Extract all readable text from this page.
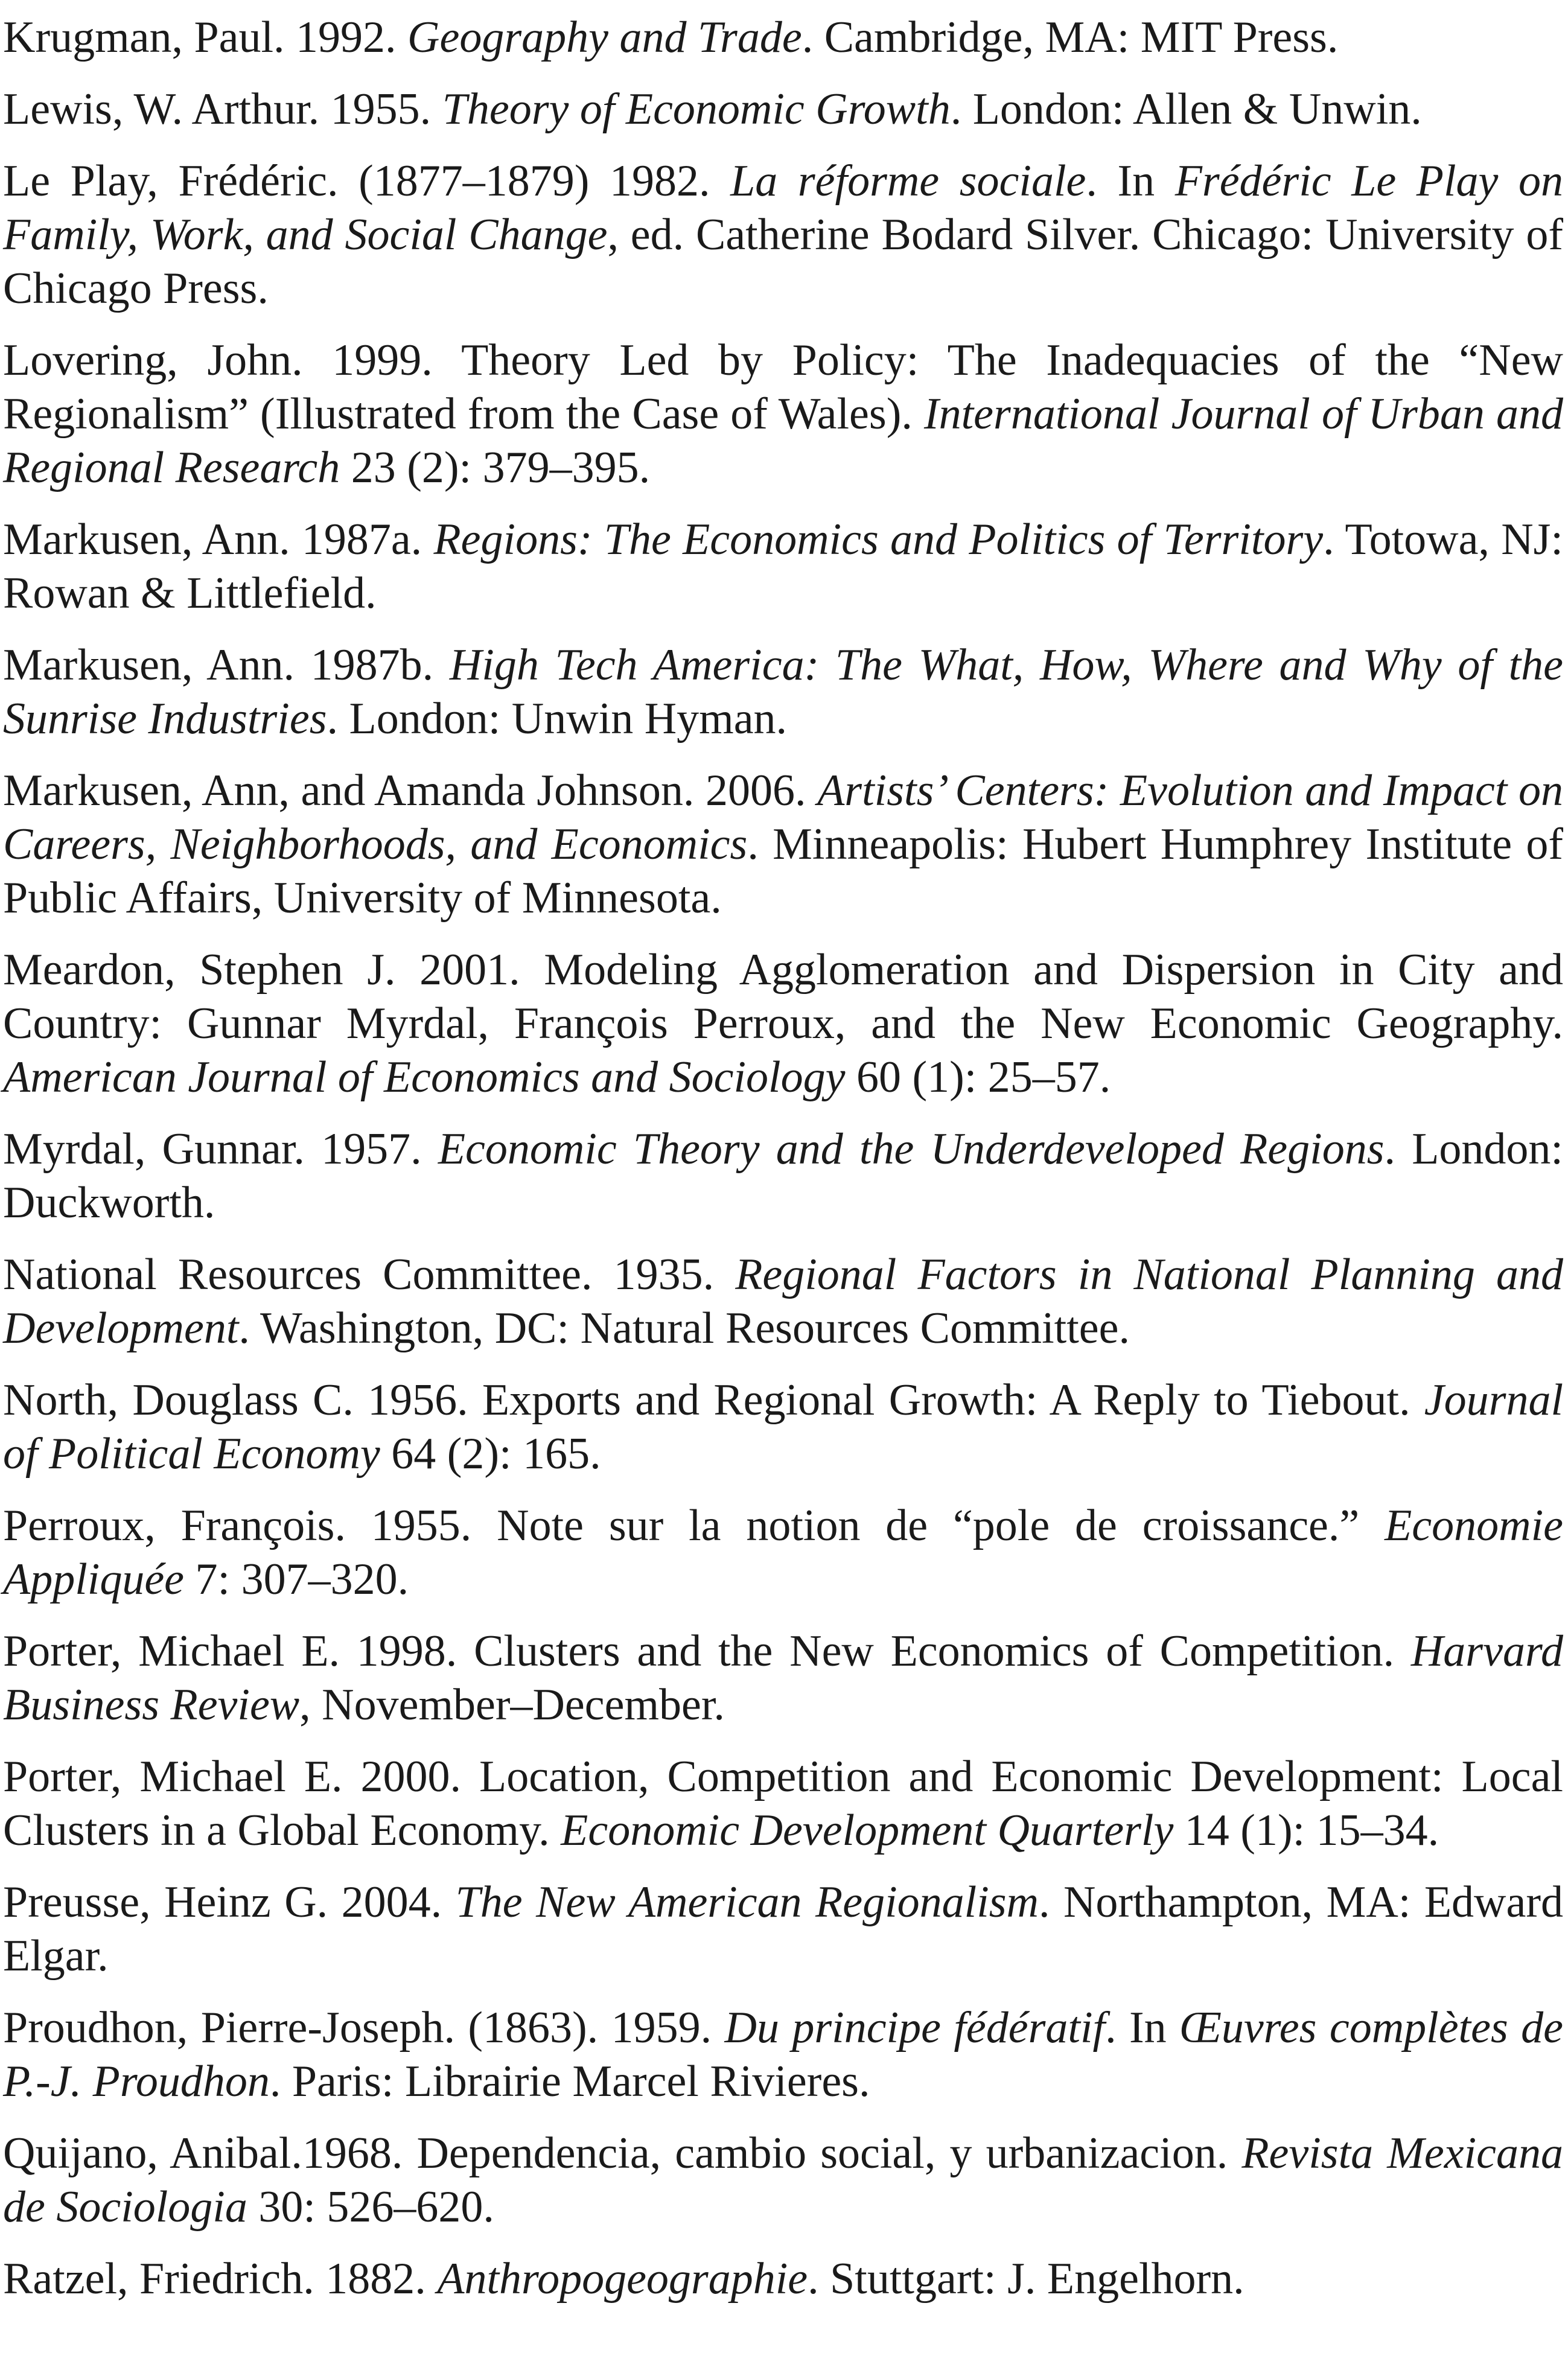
Krugman, Paul. 1992. Geography and Trade. Cambridge, MA: MIT Press.

Lewis, W. Arthur. 1955. Theory of Economic Growth. London: Allen & Unwin.

Le Play, Frédéric. (1877–1879) 1982. La réforme sociale. In Frédéric Le Play on Family, Work, and Social Change, ed. Catherine Bodard Silver. Chicago: University of Chicago Press.

Lovering, John. 1999. Theory Led by Policy: The Inadequacies of the “New Regionalism” (Illustrated from the Case of Wales). International Journal of Urban and Regional Research 23 (2): 379–395.

Markusen, Ann. 1987a. Regions: The Economics and Politics of Territory. Totowa, NJ: Rowan & Littlefield.

Markusen, Ann. 1987b. High Tech America: The What, How, Where and Why of the Sunrise Industries. London: Unwin Hyman.

Markusen, Ann, and Amanda Johnson. 2006. Artists’ Centers: Evolution and Impact on Careers, Neighborhoods, and Economics. Minneapolis: Hubert Humphrey Institute of Public Affairs, University of Minnesota.

Meardon, Stephen J. 2001. Modeling Agglomeration and Dispersion in City and Country: Gunnar Myrdal, François Perroux, and the New Economic Geography. American Journal of Economics and Sociology 60 (1): 25–57.

Myrdal, Gunnar. 1957. Economic Theory and the Underdeveloped Regions. London: Duckworth.

National Resources Committee. 1935. Regional Factors in National Planning and Development. Washington, DC: Natural Resources Committee.

North, Douglass C. 1956. Exports and Regional Growth: A Reply to Tiebout. Journal of Political Economy 64 (2): 165.

Perroux, François. 1955. Note sur la notion de “pole de croissance.” Economie Appliquée 7: 307–320.

Porter, Michael E. 1998. Clusters and the New Economics of Competition. Harvard Business Review, November–December.

Porter, Michael E. 2000. Location, Competition and Economic Development: Local Clusters in a Global Economy. Economic Development Quarterly 14 (1): 15–34.

Preusse, Heinz G. 2004. The New American Regionalism. Northampton, MA: Edward Elgar.

Proudhon, Pierre-Joseph. (1863). 1959. Du principe fédératif. In Œuvres complètes de P.-J. Proudhon. Paris: Librairie Marcel Rivieres.

Quijano, Anibal.1968. Dependencia, cambio social, y urbanizacion. Revista Mexicana de Sociologia 30: 526–620.

Ratzel, Friedrich. 1882. Anthropogeographie. Stuttgart: J. Engelhorn.
